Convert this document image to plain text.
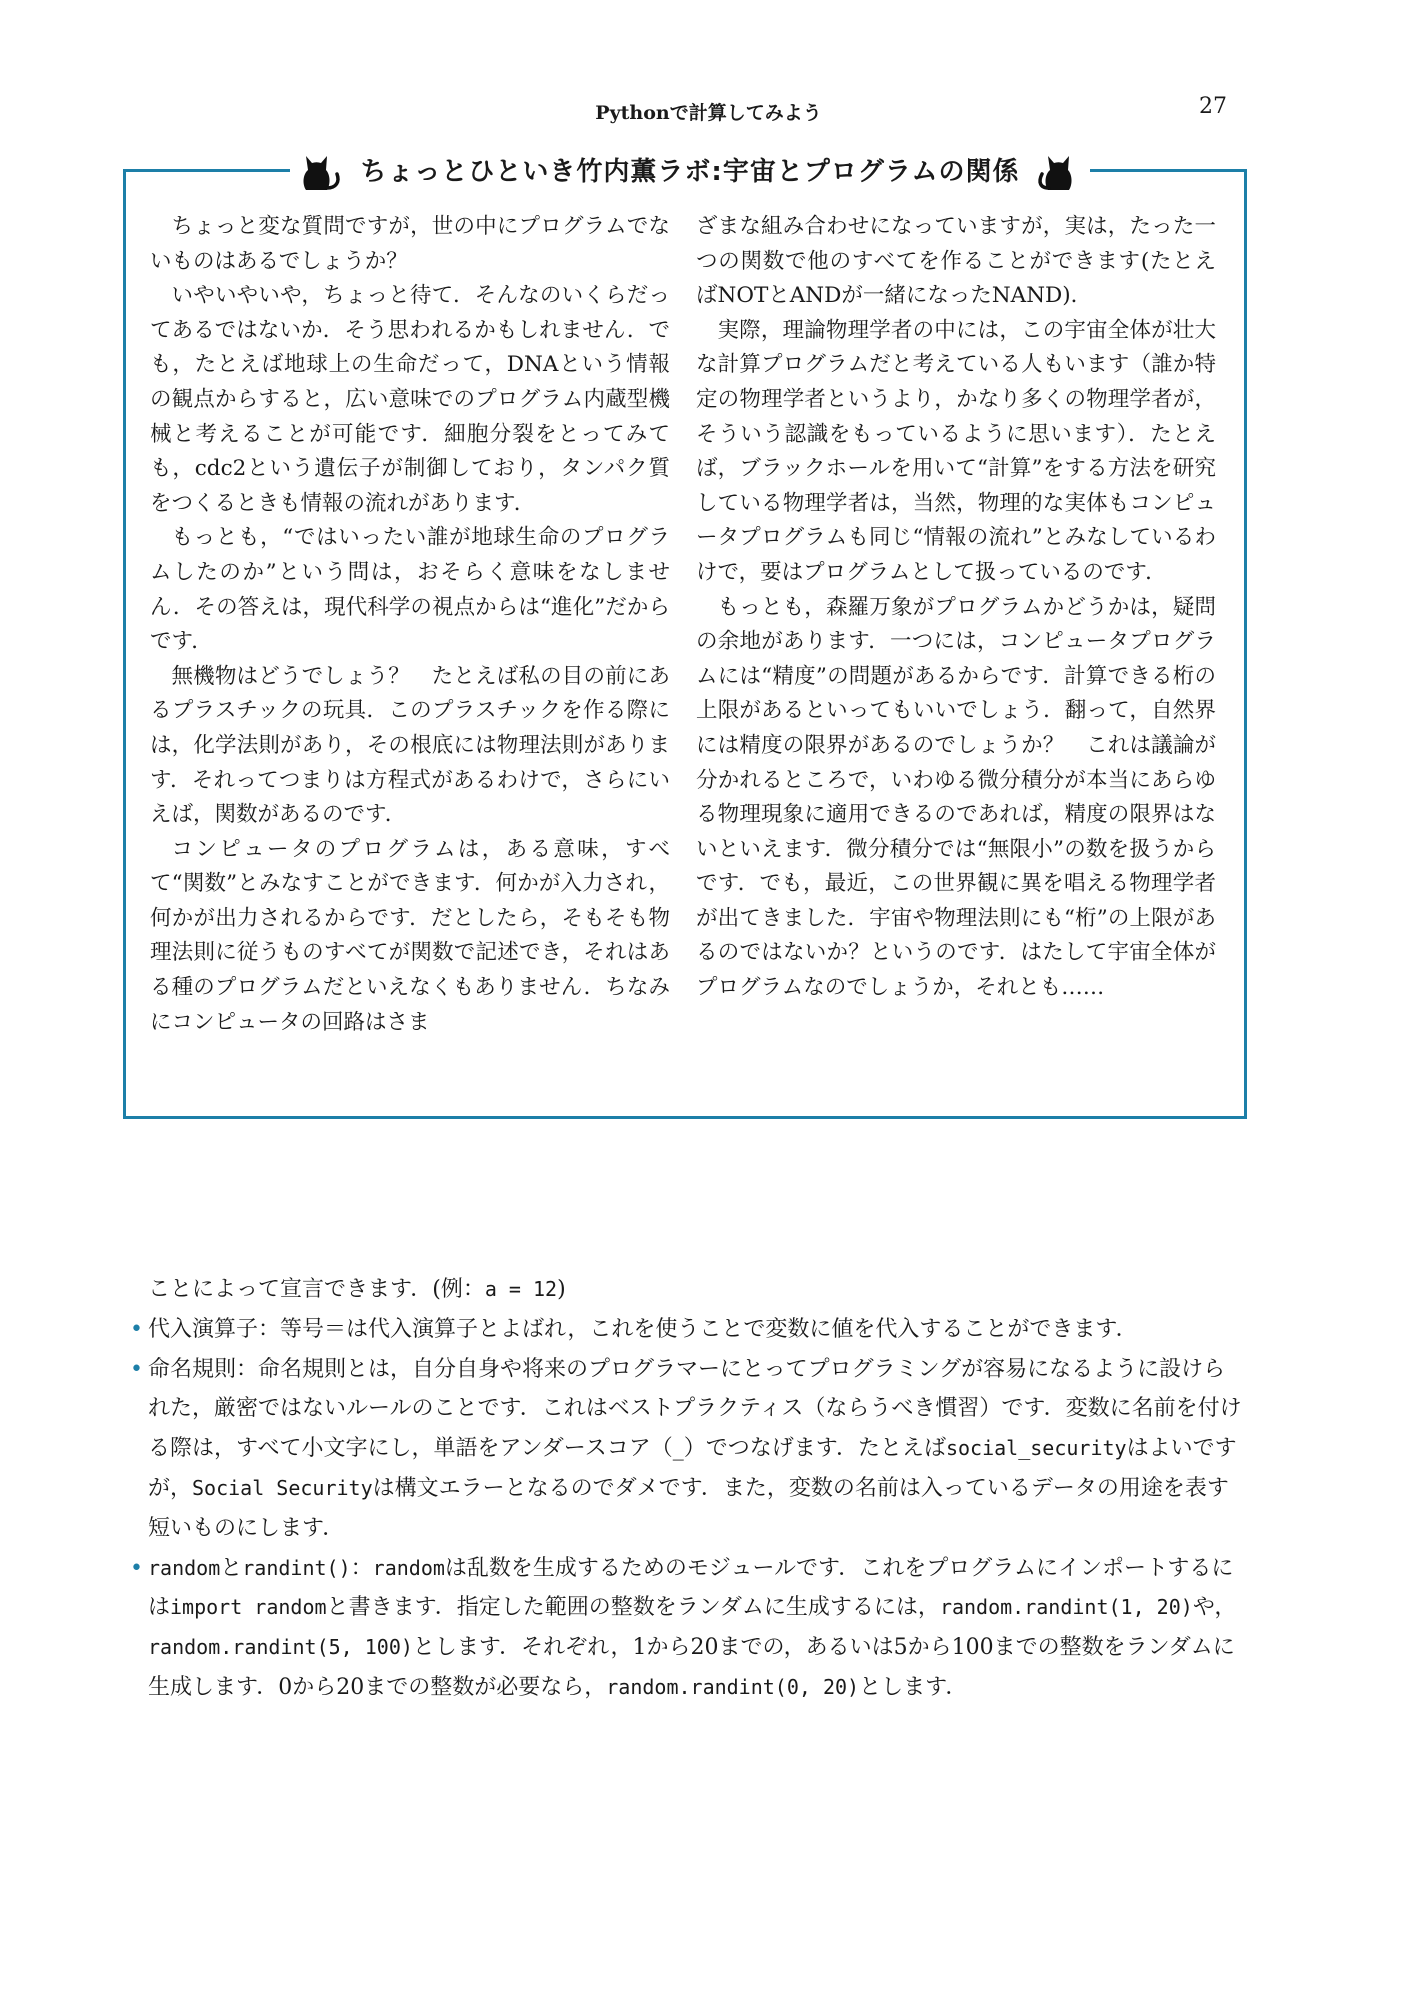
Pythonで計算してみよう	27
ちょっとひといき竹内薫ラボ:宇宙とプログラムの関係

ちょっと変な質問ですが，世の中にプログラムでないものはあるでしょうか？

いやいやいや，ちょっと待て．そんなのいくらだってあるではないか．そう思われるかもしれません．でも，たとえば地球上の生命だって，DNAという情報の観点からすると，広い意味でのプログラム内蔵型機械と考えることが可能です．細胞分裂をとってみても，cdc2という遺伝子が制御しており，タンパク質をつくるときも情報の流れがあります．

もっとも，“ではいったい誰が地球生命のプログラムしたのか”という問は，おそらく意味をなしません．その答えは，現代科学の視点からは“進化”だからです．

無機物はどうでしょう？　たとえば私の目の前にあるプラスチックの玩具．このプラスチックを作る際には，化学法則があり，その根底には物理法則があります．それってつまりは方程式があるわけで，さらにいえば，関数があるのです．

コンピュータのプログラムは，ある意味，すべて“関数”とみなすことができます．何かが入力され，何かが出力されるからです．だとしたら，そもそも物理法則に従うものすべてが関数で記述でき，それはある種のプログラムだといえなくもありません．ちなみにコンピュータの回路はさま

ざまな組み合わせになっていますが，実は，たった一つの関数で他のすべてを作ることができます(たとえばNOTとANDが一緒になったNAND)．

実際，理論物理学者の中には，この宇宙全体が壮大な計算プログラムだと考えている人もいます（誰か特定の物理学者というより，かなり多くの物理学者が，そういう認識をもっているように思います）．たとえば，ブラックホールを用いて“計算”をする方法を研究している物理学者は，当然，物理的な実体もコンピュータプログラムも同じ“情報の流れ”とみなしているわけで，要はプログラムとして扱っているのです．

もっとも，森羅万象がプログラムかどうかは，疑問の余地があります．一つには，コンピュータプログラムには“精度”の問題があるからです．計算できる桁の上限があるといってもいいでしょう．翻って，自然界には精度の限界があるのでしょうか？　これは議論が分かれるところで，いわゆる微分積分が本当にあらゆる物理現象に適用できるのであれば，精度の限界はないといえます．微分積分では“無限小”の数を扱うからです．でも，最近，この世界観に異を唱える物理学者が出てきました．宇宙や物理法則にも“桁”の上限があるのではないか？というのです．はたして宇宙全体がプログラムなのでしょうか，それとも……

ことによって宣言できます．(例：a = 12)

• 代入演算子：等号＝は代入演算子とよばれ，これを使うことで変数に値を代入することができます．

• 命名規則：命名規則とは，自分自身や将来のプログラマーにとってプログラミングが容易になるように設けられた，厳密ではないルールのことです．これはベストプラクティス（ならうべき慣習）です．変数に名前を付ける際は，すべて小文字にし，単語をアンダースコア（_）でつなげます．たとえばsocial_securityはよいですが，Social Securityは構文エラーとなるのでダメです．また，変数の名前は入っているデータの用途を表す短いものにします．

• randomとrandint()：randomは乱数を生成するためのモジュールです．これをプログラムにインポートするにはimport randomと書きます．指定した範囲の整数をランダムに生成するには，random.randint(1, 20)や，random.randint(5, 100)とします．それぞれ，1から20までの，あるいは5から100までの整数をランダムに生成します．0から20までの整数が必要なら，random.randint(0, 20)とします．
